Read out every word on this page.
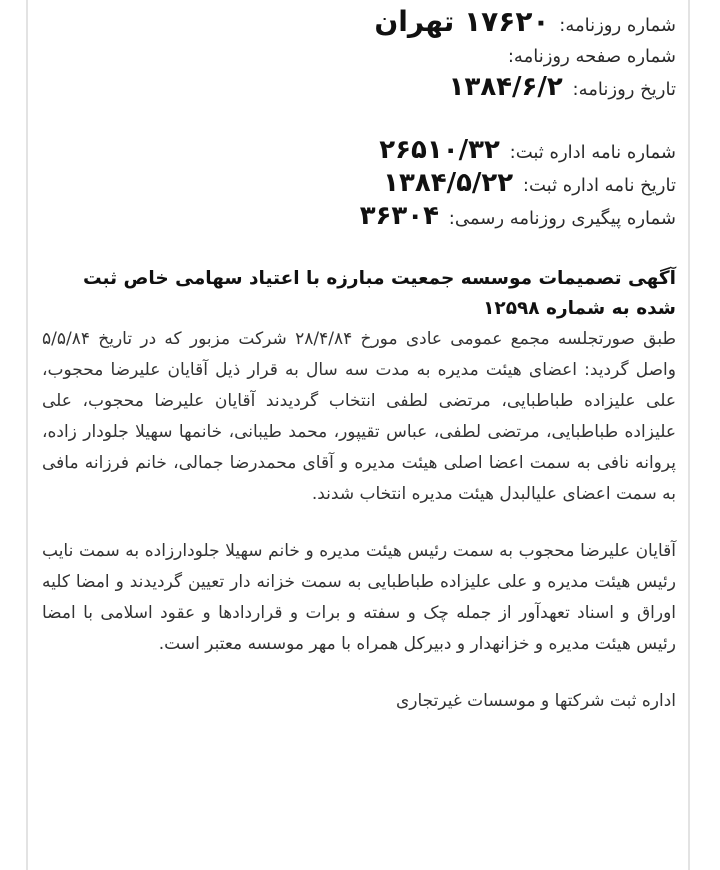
شماره روزنامه: ۱۷۶۲۰ تهران
شماره صفحه روزنامه:
تاریخ روزنامه: ۱۳۸۴/۶/۲
شماره نامه اداره ثبت: ۲۶۵۱۰/۳۲
تاریخ نامه اداره ثبت: ۱۳۸۴/۵/۲۲
شماره پیگیری روزنامه رسمی: ۳۶۳۰۴
آگهی تصمیمات موسسه جمعیت مبارزه با اعتیاد سهامی خاص ثبت شده به شماره ۱۲۵۹۸
طبق صورتجلسه مجمع عمومی عادی مورخ ۲۸/۴/۸۴ شرکت مزبور که در تاریخ ۵/۵/۸۴ واصل گردید: اعضای هیئت مدیره به مدت سه سال به قرار ذیل آقایان علیرضا محجوب، علی علیزاده طباطبایی، مرتضی لطفی انتخاب گردیدند آقایان علیرضا محجوب، علی علیزاده طباطبایی، مرتضی لطفی، عباس تقیپور، محمد طیبانی، خانمها سهیلا جلودار زاده، پروانه نافی به سمت اعضا اصلی هیئت مدیره و آقای محمدرضا جمالی، خانم فرزانه مافی به سمت اعضای علیالبدل هیئت مدیره انتخاب شدند.
آقایان علیرضا محجوب به سمت رئیس هیئت مدیره و خانم سهیلا جلودارزاده به سمت نایب رئیس هیئت مدیره و علی علیزاده طباطبایی به سمت خزانه دار تعیین گردیدند و امضا کلیه اوراق و اسناد تعهدآور از جمله چک و سفته و برات و قراردادها و عقود اسلامی با امضا رئیس هیئت مدیره و خزانهدار و دبیرکل همراه با مهر موسسه معتبر است.
اداره ثبت شرکتها و موسسات غیرتجاری
